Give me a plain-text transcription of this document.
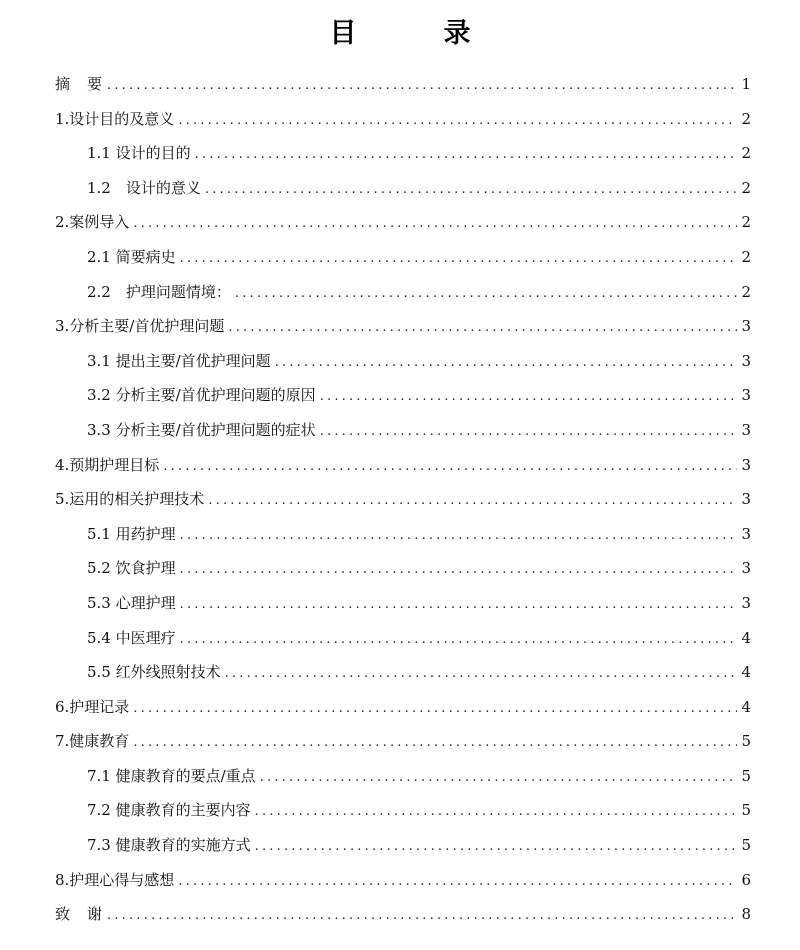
目　录
摘　要 .....	1
1.设计目的及意义 .....	2
1.1 设计的目的 .....	2
1.2　设计的意义 .....	2
2.案例导入 .....	2
2.1 简要病史 .....	2
2.2　护理问题情境： .....	2
3.分析主要/首优护理问题 .....	3
3.1 提出主要/首优护理问题 .....	3
3.2 分析主要/首优护理问题的原因 .....	3
3.3 分析主要/首优护理问题的症状 .....	3
4.预期护理目标 .....	3
5.运用的相关护理技术 .....	3
5.1 用药护理 .....	3
5.2 饮食护理 .....	3
5.3 心理护理 .....	3
5.4 中医理疗 .....	4
5.5 红外线照射技术 .....	4
6.护理记录 .....	4
7.健康教育 .....	5
7.1 健康教育的要点/重点 .....	5
7.2 健康教育的主要内容 .....	5
7.3 健康教育的实施方式 .....	5
8.护理心得与感想 .....	6
致　谢 .....	8
